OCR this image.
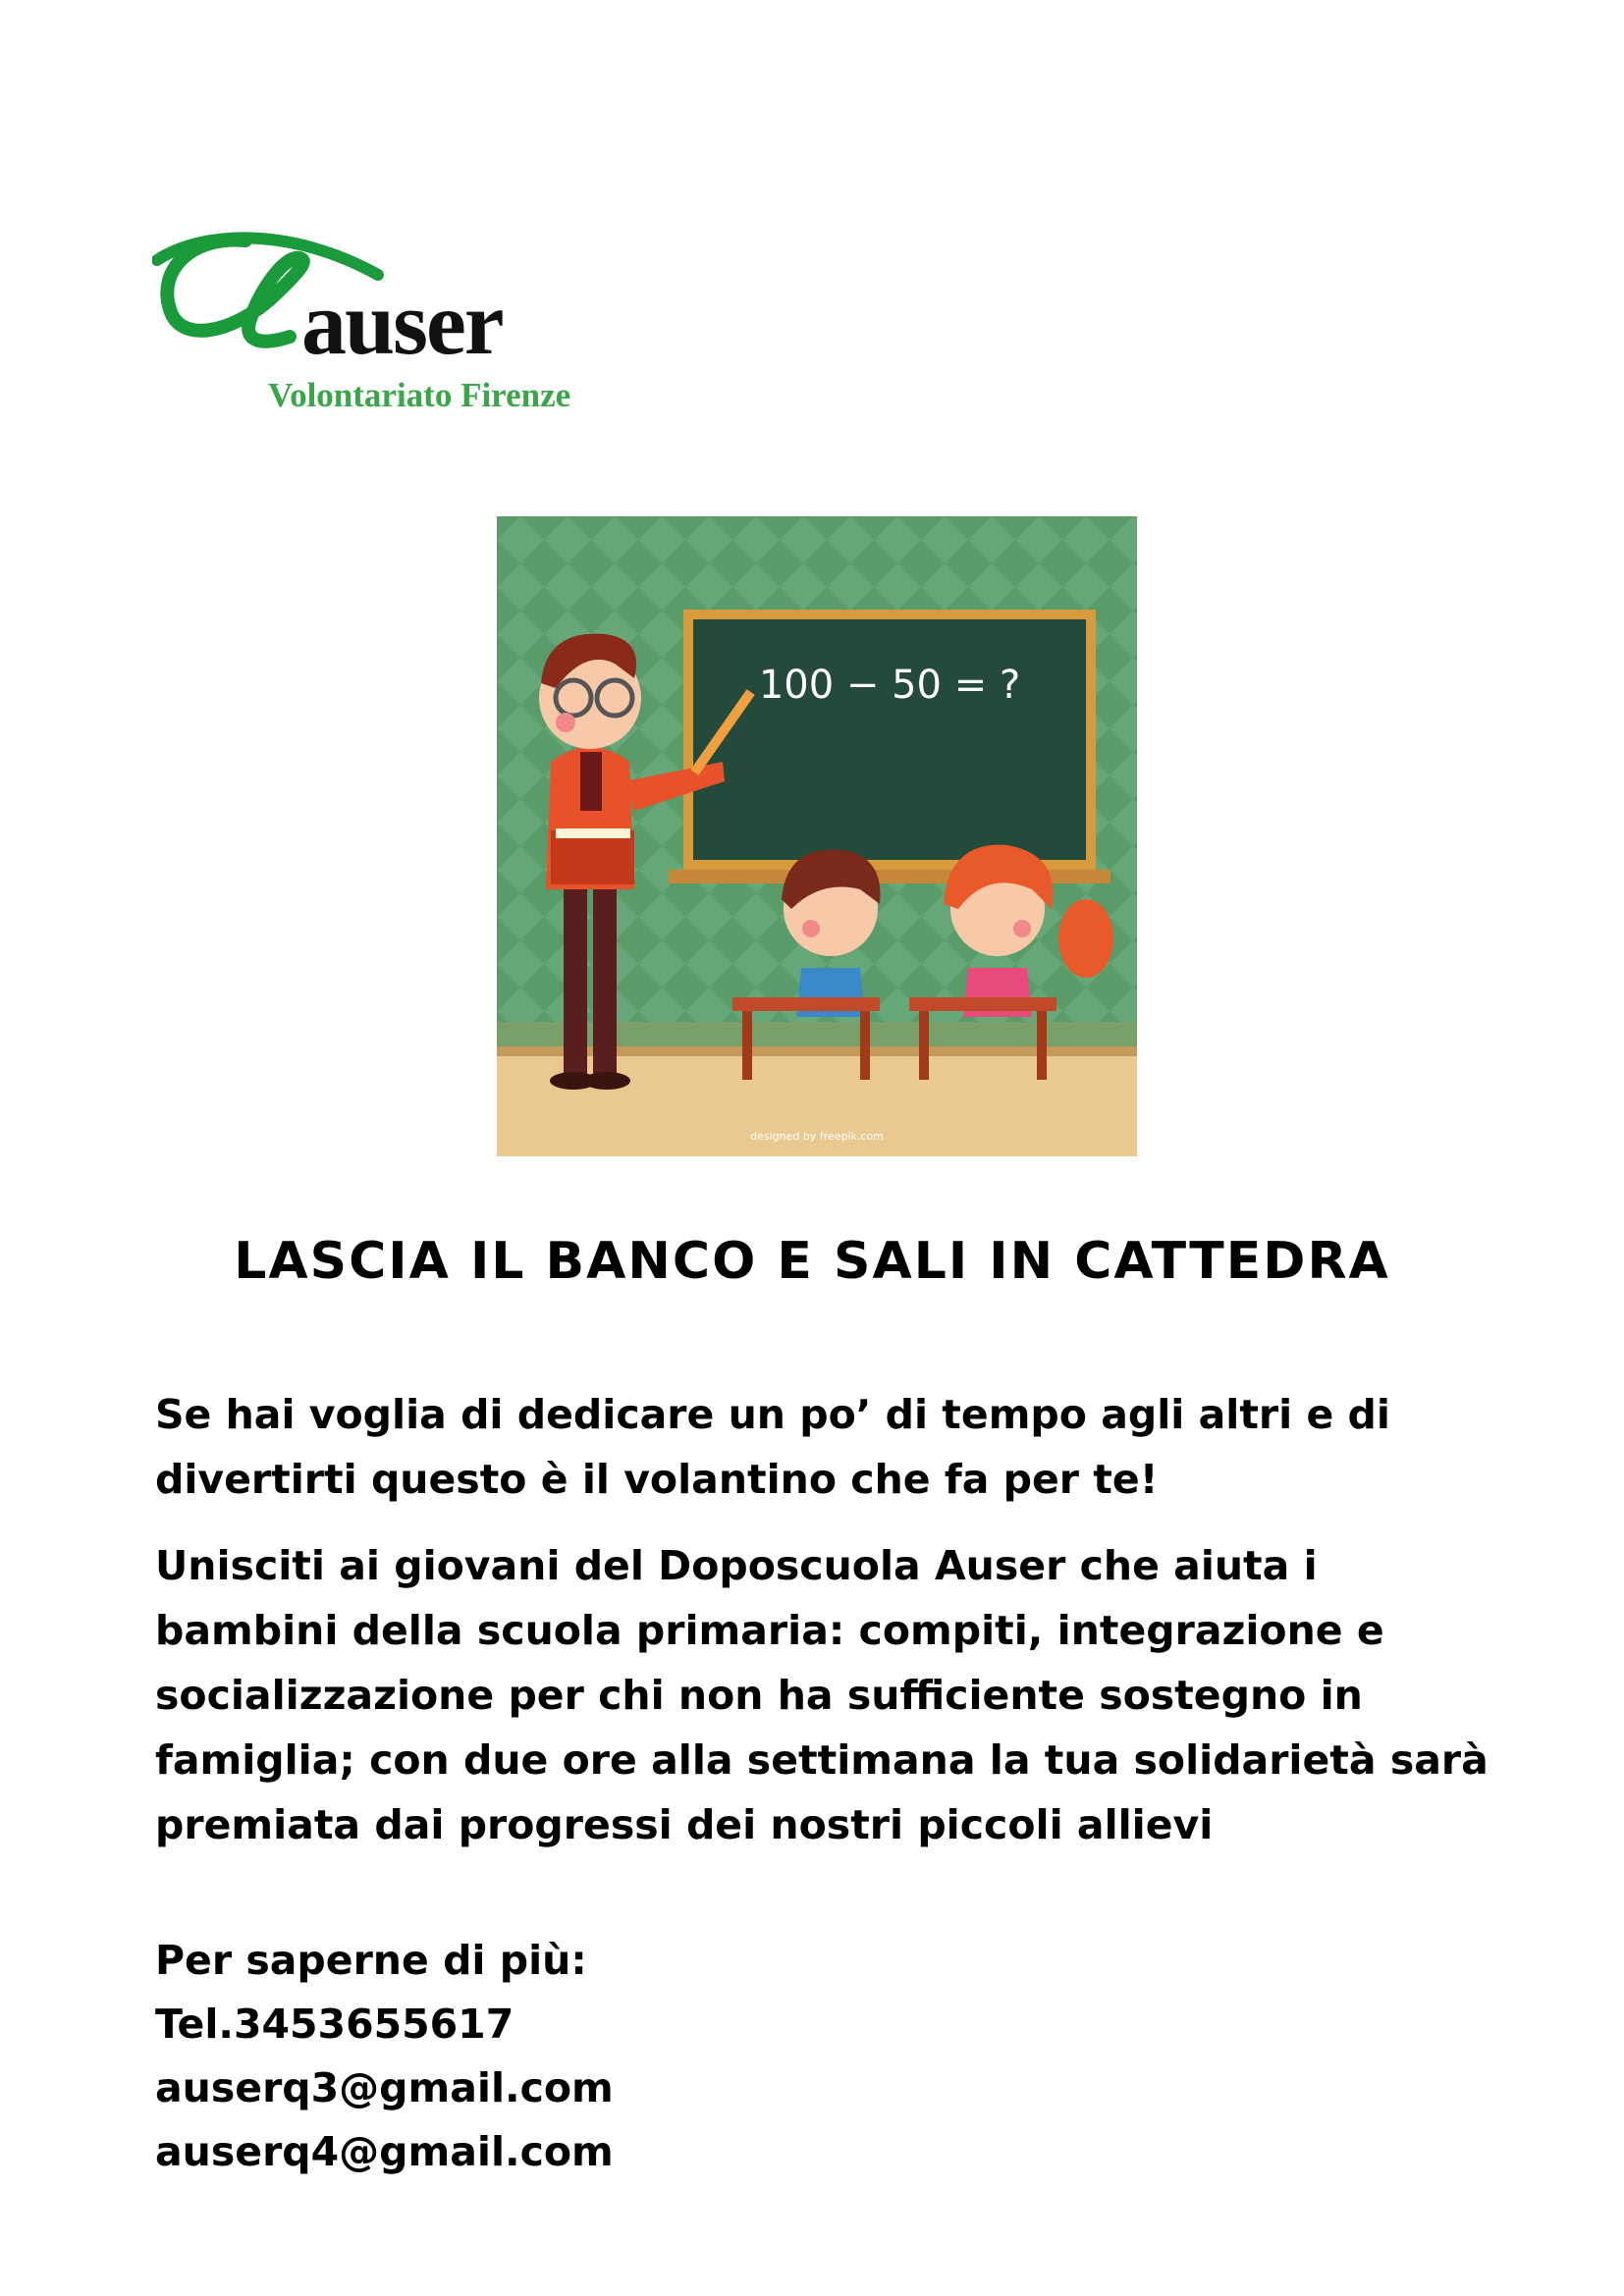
auser
Volontariato Firenze
100 − 50 = ?
designed by freepik.com
LASCIA IL BANCO E SALI IN CATTEDRA

Se hai voglia di dedicare un po’ di tempo agli altri e di divertirti questo è il volantino che fa per te!

Unisciti ai giovani del Doposcuola Auser che aiuta i bambini della scuola primaria: compiti, integrazione e socializzazione per chi non ha sufficiente sostegno in famiglia; con due ore alla settimana la tua solidarietà sarà premiata dai progressi dei nostri piccoli allievi

Per saperne di più:
Tel.3453655617
auserq3@gmail.com
auserq4@gmail.com
